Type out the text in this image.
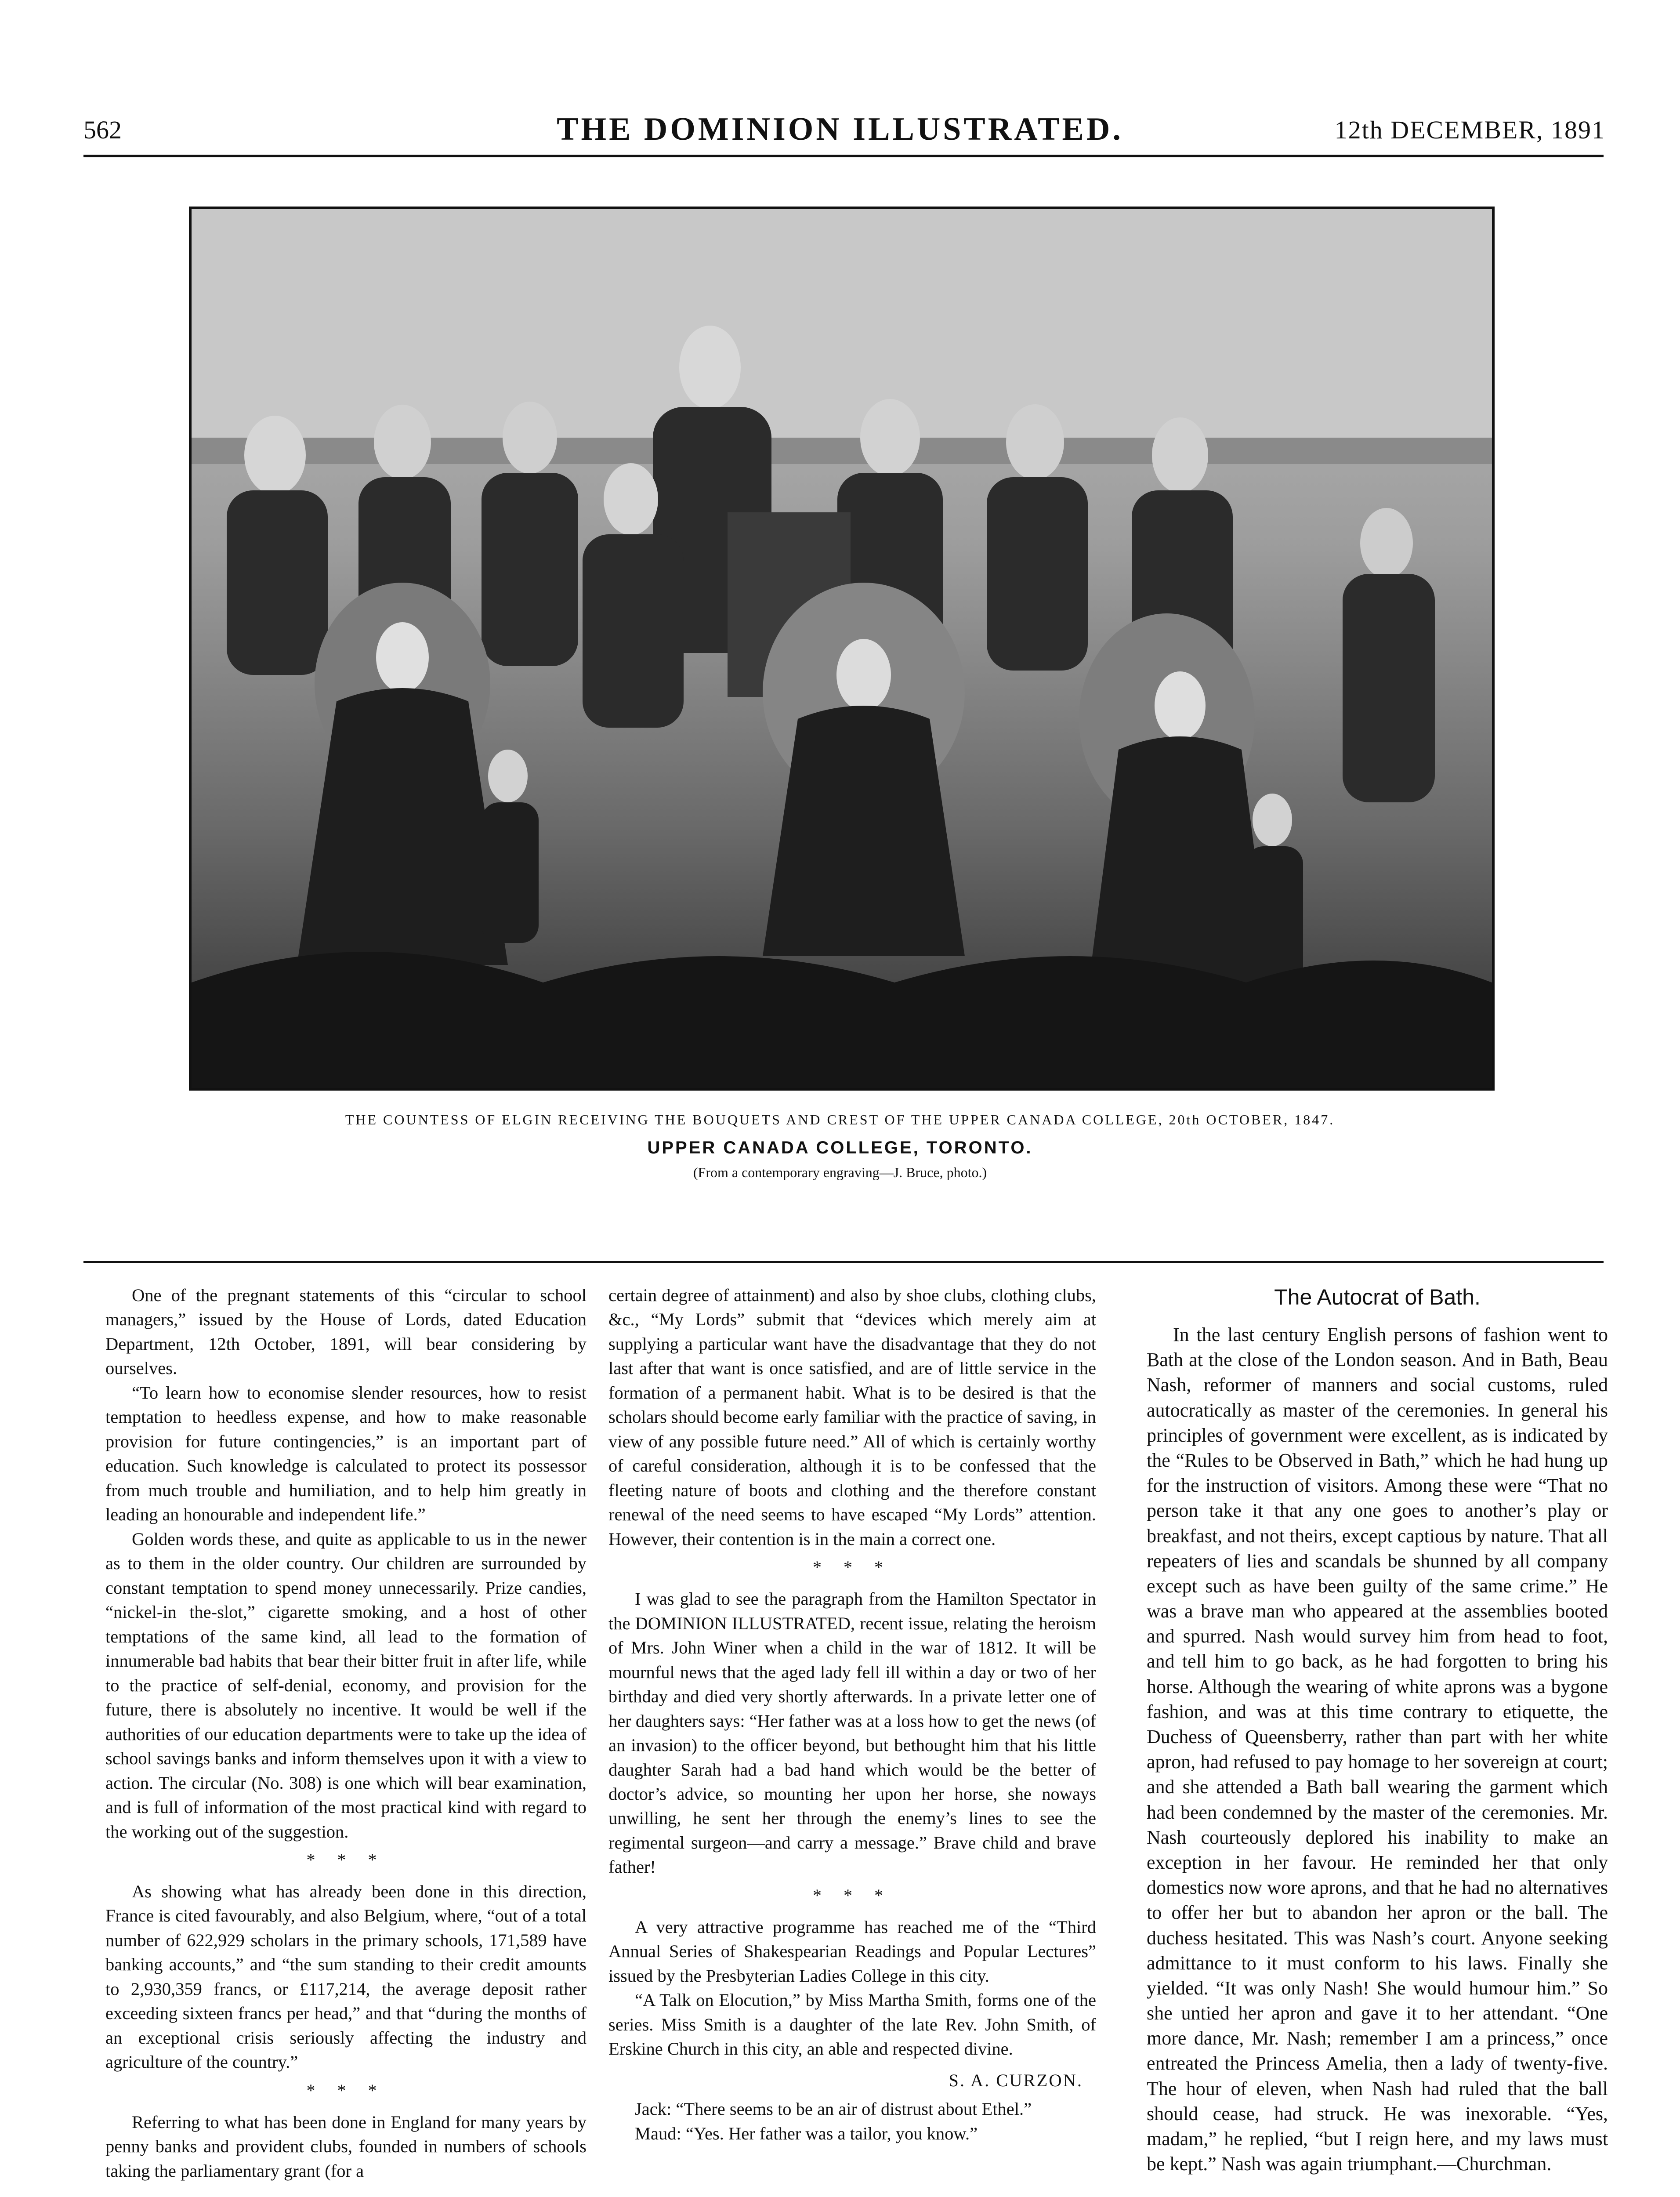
562	THE DOMINION ILLUSTRATED.	12th DECEMBER, 1891
THE COUNTESS OF ELGIN RECEIVING THE BOUQUETS AND CREST OF THE UPPER CANADA COLLEGE, 20th OCTOBER, 1847.
UPPER CANADA COLLEGE, TORONTO.
(From a contemporary engraving—J. Bruce, photo.)

One of the pregnant statements of this “circular to school managers,” issued by the House of Lords, dated Education Department, 12th October, 1891, will bear considering by ourselves.

“To learn how to economise slender resources, how to resist temptation to heedless expense, and how to make reasonable provision for future contingencies,” is an important part of education. Such knowledge is calculated to protect its possessor from much trouble and humiliation, and to help him greatly in leading an honourable and independent life.”

Golden words these, and quite as applicable to us in the newer as to them in the older country. Our children are surrounded by constant temptation to spend money unnecessarily. Prize candies, “nickel-in the-slot,” cigarette smoking, and a host of other temptations of the same kind, all lead to the formation of innumerable bad habits that bear their bitter fruit in after life, while to the practice of self-denial, economy, and provision for the future, there is absolutely no incentive. It would be well if the authorities of our education departments were to take up the idea of school savings banks and inform themselves upon it with a view to action. The circular (No. 308) is one which will bear examination, and is full of information of the most practical kind with regard to the working out of the suggestion.

* * *

As showing what has already been done in this direction, France is cited favourably, and also Belgium, where, “out of a total number of 622,929 scholars in the primary schools, 171,589 have banking accounts,” and “the sum standing to their credit amounts to 2,930,359 francs, or £117,214, the average deposit rather exceeding sixteen francs per head,” and that “during the months of an exceptional crisis seriously affecting the industry and agriculture of the country.”

* * *

Referring to what has been done in England for many years by penny banks and provident clubs, founded in numbers of schools taking the parliamentary grant (for a

certain degree of attainment) and also by shoe clubs, clothing clubs, &c., “My Lords” submit that “devices which merely aim at supplying a particular want have the disadvantage that they do not last after that want is once satisfied, and are of little service in the formation of a permanent habit. What is to be desired is that the scholars should become early familiar with the practice of saving, in view of any possible future need.” All of which is certainly worthy of careful consideration, although it is to be confessed that the fleeting nature of boots and clothing and the therefore constant renewal of the need seems to have escaped “My Lords” attention. However, their contention is in the main a correct one.

* * *

I was glad to see the paragraph from the Hamilton Spectator in the DOMINION ILLUSTRATED, recent issue, relating the heroism of Mrs. John Winer when a child in the war of 1812. It will be mournful news that the aged lady fell ill within a day or two of her birthday and died very shortly afterwards. In a private letter one of her daughters says: “Her father was at a loss how to get the news (of an invasion) to the officer beyond, but bethought him that his little daughter Sarah had a bad hand which would be the better of doctor’s advice, so mounting her upon her horse, she noways unwilling, he sent her through the enemy’s lines to see the regimental surgeon—and carry a message.” Brave child and brave father!

* * *

A very attractive programme has reached me of the “Third Annual Series of Shakespearian Readings and Popular Lectures” issued by the Presbyterian Ladies College in this city.

“A Talk on Elocution,” by Miss Martha Smith, forms one of the series. Miss Smith is a daughter of the late Rev. John Smith, of Erskine Church in this city, an able and respected divine.

S. A. CURZON.

Jack: “There seems to be an air of distrust about Ethel.”

Maud: “Yes. Her father was a tailor, you know.”

The Autocrat of Bath.

In the last century English persons of fashion went to Bath at the close of the London season. And in Bath, Beau Nash, reformer of manners and social customs, ruled autocratically as master of the ceremonies. In general his principles of government were excellent, as is indicated by the “Rules to be Observed in Bath,” which he had hung up for the instruction of visitors. Among these were “That no person take it that any one goes to another’s play or breakfast, and not theirs, except captious by nature. That all repeaters of lies and scandals be shunned by all company except such as have been guilty of the same crime.” He was a brave man who appeared at the assemblies booted and spurred. Nash would survey him from head to foot, and tell him to go back, as he had forgotten to bring his horse. Although the wearing of white aprons was a bygone fashion, and was at this time contrary to etiquette, the Duchess of Queensberry, rather than part with her white apron, had refused to pay homage to her sovereign at court; and she attended a Bath ball wearing the garment which had been condemned by the master of the ceremonies. Mr. Nash courteously deplored his inability to make an exception in her favour. He reminded her that only domestics now wore aprons, and that he had no alternatives to offer her but to abandon her apron or the ball. The duchess hesitated. This was Nash’s court. Anyone seeking admittance to it must conform to his laws. Finally she yielded. “It was only Nash! She would humour him.” So she untied her apron and gave it to her attendant. “One more dance, Mr. Nash; remember I am a princess,” once entreated the Princess Amelia, then a lady of twenty-five. The hour of eleven, when Nash had ruled that the ball should cease, had struck. He was inexorable. “Yes, madam,” he replied, “but I reign here, and my laws must be kept.” Nash was again triumphant.—Churchman.
